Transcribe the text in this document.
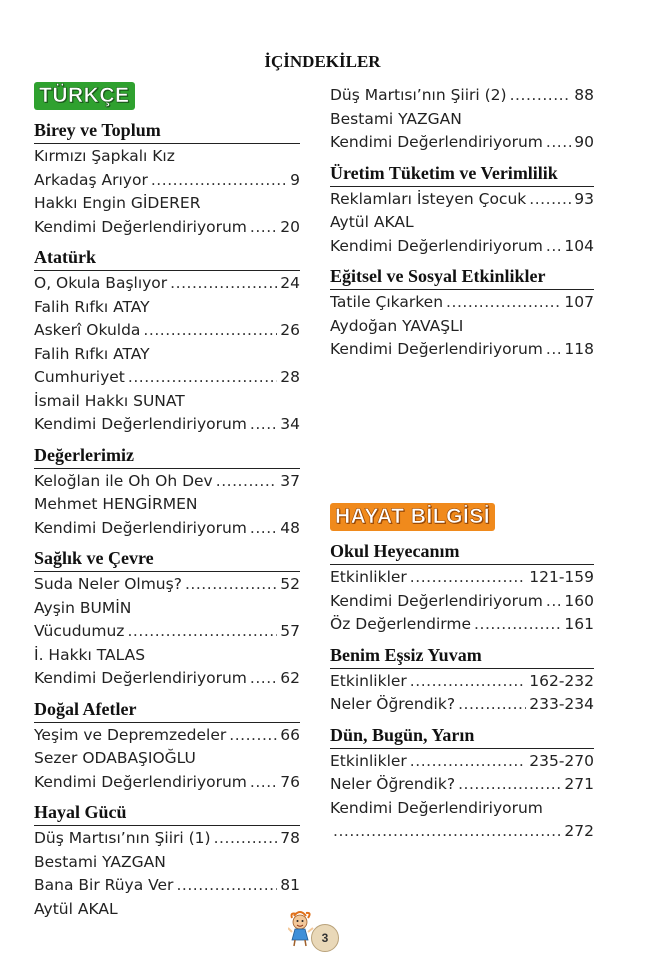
İÇİNDEKİLER
TÜRKÇE
Birey ve Toplum
Kırmızı Şapkalı Kız
Arkadaş Arıyor . . .	9
Hakkı Engin GİDERER
Kendimi Değerlendiriyorum . . . 20
Atatürk
O, Okula Başlıyor . . .	24
Falih Rıfkı ATAY
Askerî Okulda . . .	26
Falih Rıfkı ATAY
Cumhuriyet . . .	28
İsmail Hakkı SUNAT
Kendimi Değerlendiriyorum . . . 34
Değerlerimiz
Keloğlan ile Oh Oh Dev . . .	37
Mehmet HENGİRMEN
Kendimi Değerlendiriyorum . . . 48
Sağlık ve Çevre
Suda Neler Olmuş? . . .	52
Ayşin BUMİN
Vücudumuz . . .	57
İ. Hakkı TALAS
Kendimi Değerlendiriyorum . . . 62
Doğal Afetler
Yeşim ve Depremzedeler . . .	66
Sezer ODABAŞIOĞLU
Kendimi Değerlendiriyorum . . . 76
Hayal Gücü
Düş Martısı’nın Şiiri (1) . . .	78
Bestami YAZGAN
Bana Bir Rüya Ver . . .	81
Aytül AKAL
Düş Martısı’nın Şiiri (2) . . .	88
Bestami YAZGAN
Kendimi Değerlendiriyorum . . . 90
Üretim Tüketim ve Verimlilik
Reklamları İsteyen Çocuk . . .	93
Aytül AKAL
Kendimi Değerlendiriyorum . . . 104
Eğitsel ve Sosyal Etkinlikler
Tatile Çıkarken . . .	107
Aydoğan YAVAŞLI
Kendimi Değerlendiriyorum . . . 118
HAYAT BİLGİSİ
Okul Heyecanım
Etkinlikler . . .	121-159
Kendimi Değerlendiriyorum . . . 160
Öz Değerlendirme . . .	161
Benim Eşsiz Yuvam
Etkinlikler . . .	162-232
Neler Öğrendik? . . .	233-234
Dün, Bugün, Yarın
Etkinlikler . . .	235-270
Neler Öğrendik? . . .	271
Kendimi Değerlendiriyorum
. . .
272
3
